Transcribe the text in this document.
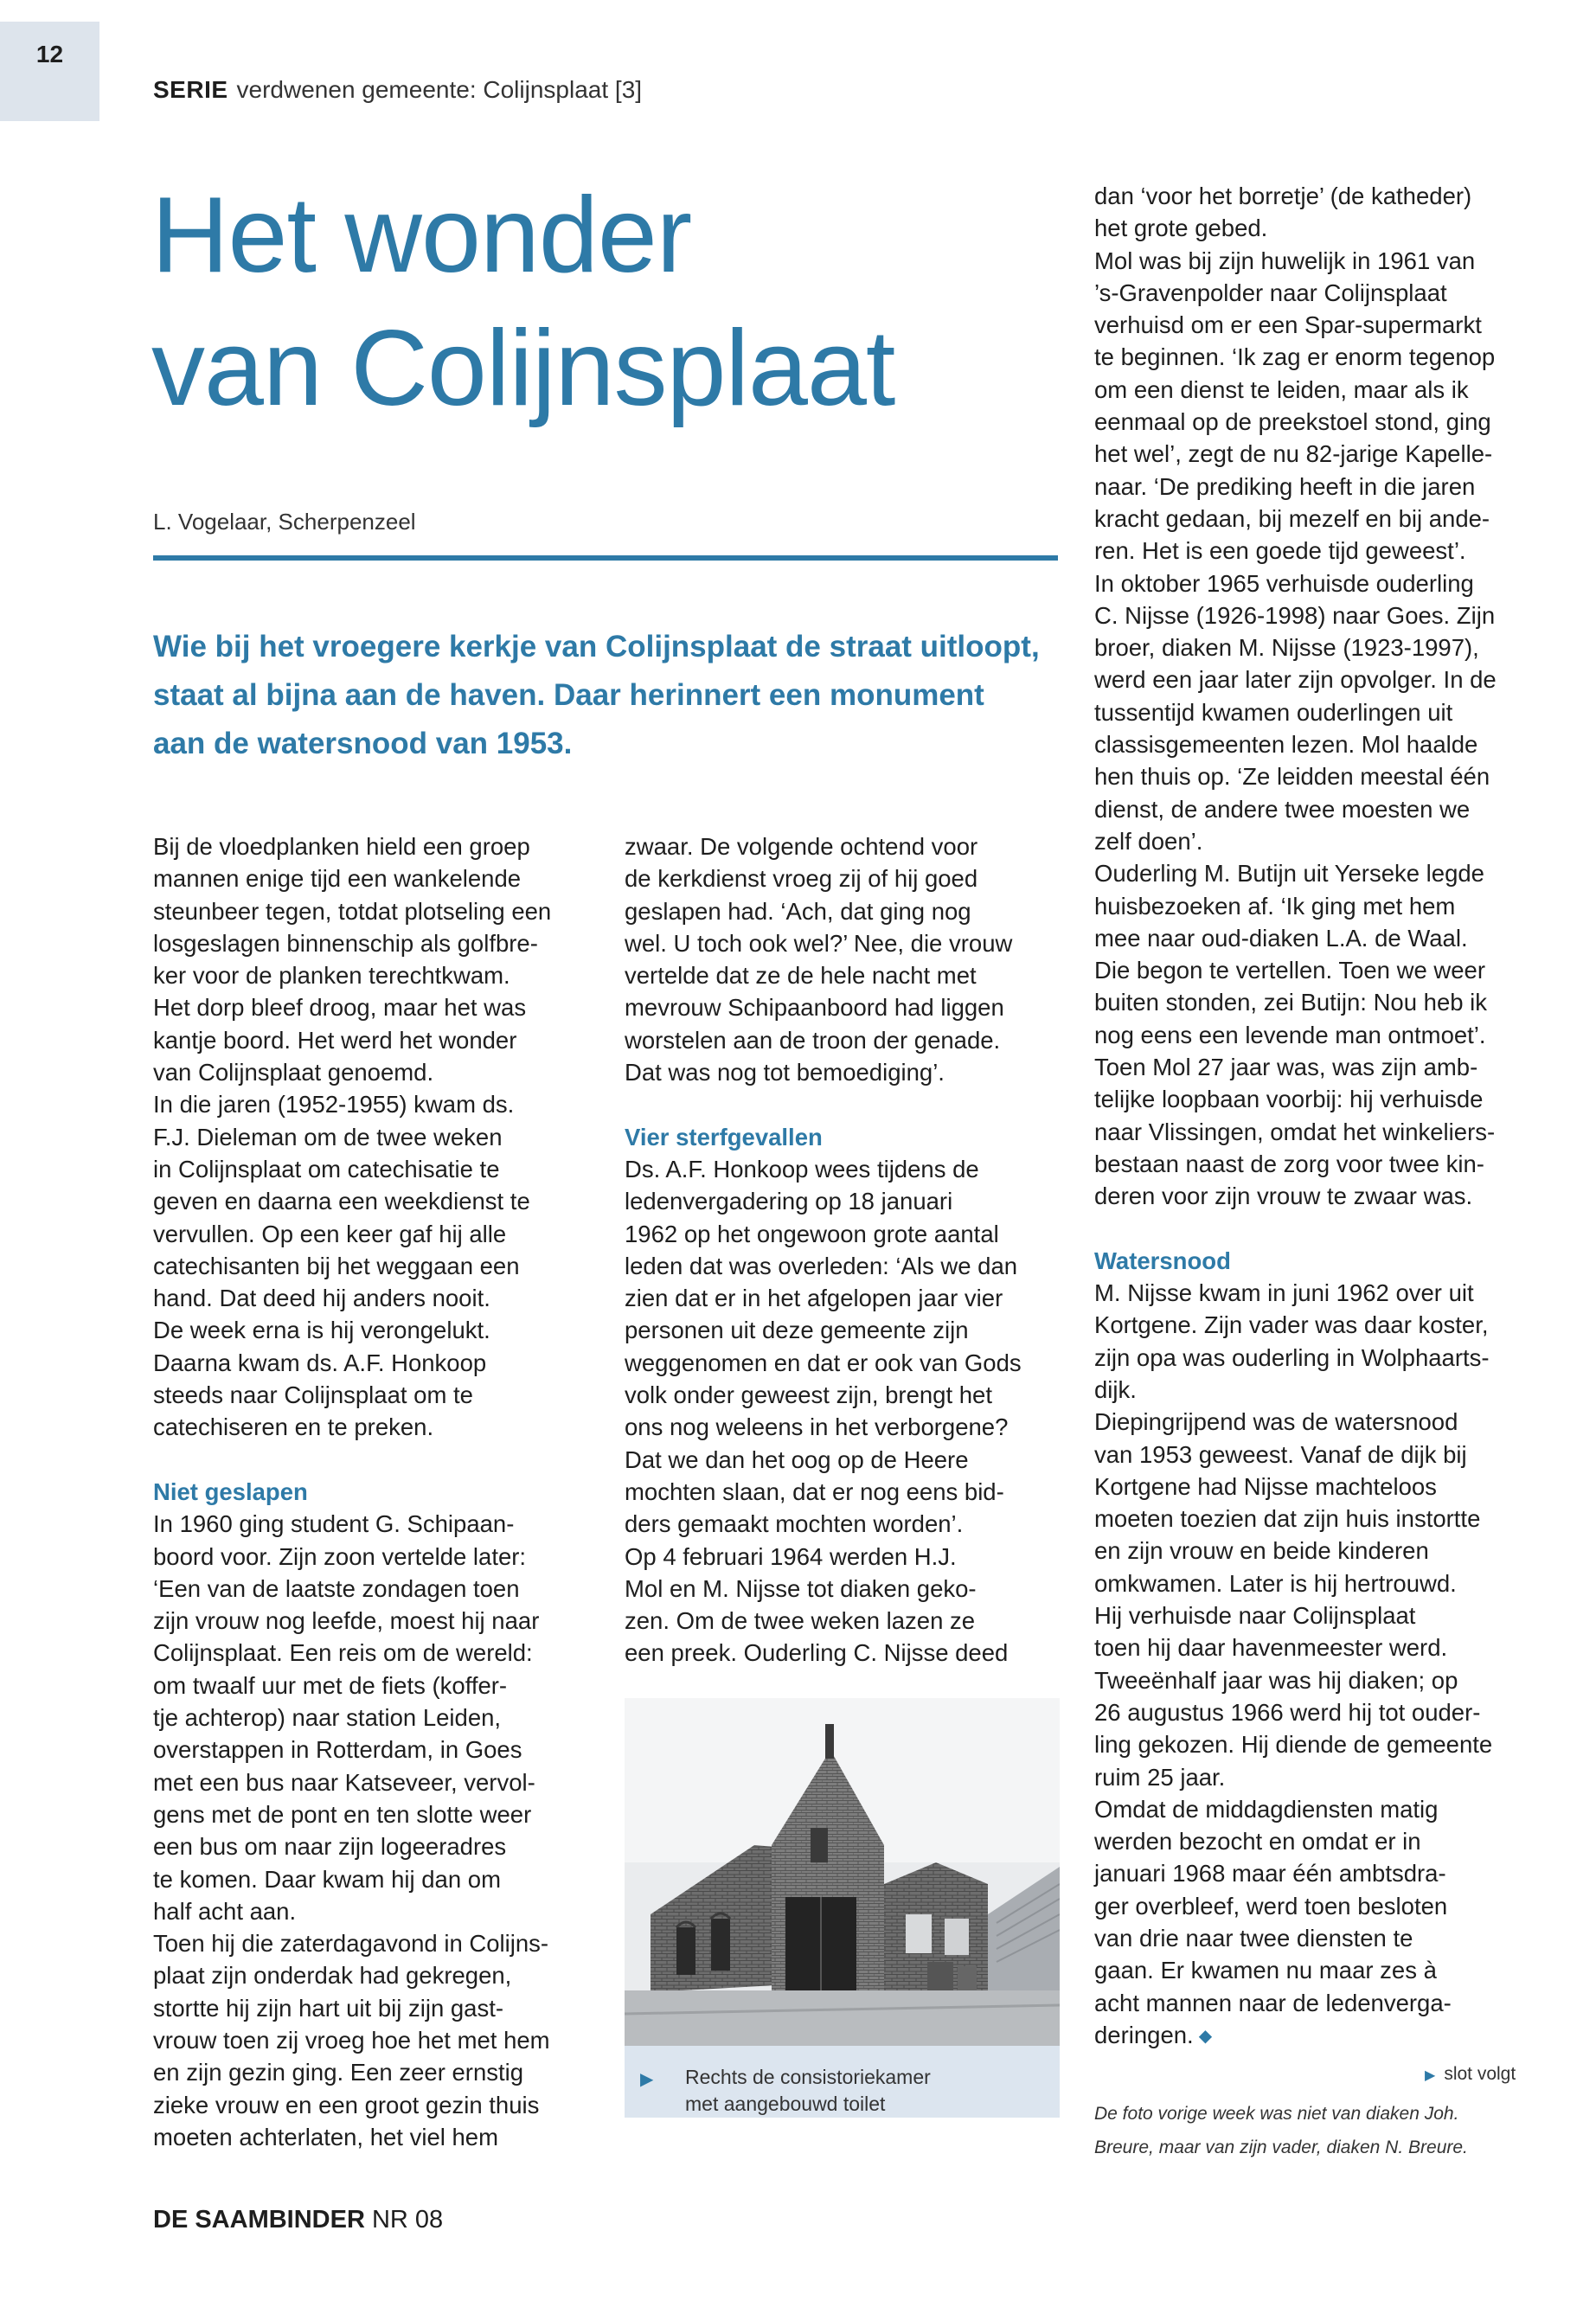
12
SERIE verdwenen gemeente: Colijnsplaat [3]
Het wonder
van Colijnsplaat
L. Vogelaar, Scherpenzeel
Wie bij het vroegere kerkje van Colijnsplaat de straat uitloopt,
staat al bijna aan de haven. Daar herinnert een monument
aan de watersnood van 1953.
Bij de vloedplanken hield een groep
mannen enige tijd een wankelende
steunbeer tegen, totdat plotseling een
losgeslagen binnenschip als golfbre-
ker voor de planken terechtkwam.
Het dorp bleef droog, maar het was
kantje boord. Het werd het wonder
van Colijnsplaat genoemd.
In die jaren (1952-1955) kwam ds.
F.J. Dieleman om de twee weken
in Colijnsplaat om catechisatie te
geven en daarna een weekdienst te
vervullen. Op een keer gaf hij alle
catechisanten bij het weggaan een
hand. Dat deed hij anders nooit.
De week erna is hij verongelukt.
Daarna kwam ds. A.F. Honkoop
steeds naar Colijnsplaat om te
catechiseren en te preken.
Niet geslapen
In 1960 ging student G. Schipaan-
boord voor. Zijn zoon vertelde later:
‘Een van de laatste zondagen toen
zijn vrouw nog leefde, moest hij naar
Colijnsplaat. Een reis om de wereld:
om twaalf uur met de fiets (koffer-
tje achterop) naar station Leiden,
overstappen in Rotterdam, in Goes
met een bus naar Katseveer, vervol-
gens met de pont en ten slotte weer
een bus om naar zijn logeeradres
te komen. Daar kwam hij dan om
half acht aan.
Toen hij die zaterdagavond in Colijns-
plaat zijn onderdak had gekregen,
stortte hij zijn hart uit bij zijn gast-
vrouw toen zij vroeg hoe het met hem
en zijn gezin ging. Een zeer ernstig
zieke vrouw en een groot gezin thuis
moeten achterlaten, het viel hem
zwaar. De volgende ochtend voor
de kerkdienst vroeg zij of hij goed
geslapen had. ‘Ach, dat ging nog
wel. U toch ook wel?’ Nee, die vrouw
vertelde dat ze de hele nacht met
mevrouw Schipaanboord had liggen
worstelen aan de troon der genade.
Dat was nog tot bemoediging’.
Vier sterfgevallen
Ds. A.F. Honkoop wees tijdens de
ledenvergadering op 18 januari
1962 op het ongewoon grote aantal
leden dat was overleden: ‘Als we dan
zien dat er in het afgelopen jaar vier
personen uit deze gemeente zijn
weggenomen en dat er ook van Gods
volk onder geweest zijn, brengt het
ons nog weleens in het verborgene?
Dat we dan het oog op de Heere
mochten slaan, dat er nog eens bid-
ders gemaakt mochten worden’.
Op 4 februari 1964 werden H.J.
Mol en M. Nijsse tot diaken geko-
zen. Om de twee weken lazen ze
een preek. Ouderling C. Nijsse deed
dan ‘voor het borretje’ (de katheder)
het grote gebed.
Mol was bij zijn huwelijk in 1961 van
’s-Gravenpolder naar Colijnsplaat
verhuisd om er een Spar-supermarkt
te beginnen. ‘Ik zag er enorm tegenop
om een dienst te leiden, maar als ik
eenmaal op de preekstoel stond, ging
het wel’, zegt de nu 82-jarige Kapelle-
naar. ‘De prediking heeft in die jaren
kracht gedaan, bij mezelf en bij ande-
ren. Het is een goede tijd geweest’.
In oktober 1965 verhuisde ouderling
C. Nijsse (1926-1998) naar Goes. Zijn
broer, diaken M. Nijsse (1923-1997),
werd een jaar later zijn opvolger. In de
tussentijd kwamen ouderlingen uit
classisgemeenten lezen. Mol haalde
hen thuis op. ‘Ze leidden meestal één
dienst, de andere twee moesten we
zelf doen’.
Ouderling M. Butijn uit Yerseke legde
huisbezoeken af. ‘Ik ging met hem
mee naar oud-diaken L.A. de Waal.
Die begon te vertellen. Toen we weer
buiten stonden, zei Butijn: Nou heb ik
nog eens een levende man ontmoet’.
Toen Mol 27 jaar was, was zijn amb-
telijke loopbaan voorbij: hij verhuisde
naar Vlissingen, omdat het winkeliers-
bestaan naast de zorg voor twee kin-
deren voor zijn vrouw te zwaar was.
Watersnood
M. Nijsse kwam in juni 1962 over uit
Kortgene. Zijn vader was daar koster,
zijn opa was ouderling in Wolphaarts-
dijk.
Diepingrijpend was de watersnood
van 1953 geweest. Vanaf de dijk bij
Kortgene had Nijsse machteloos
moeten toezien dat zijn huis instortte
en zijn vrouw en beide kinderen
omkwamen. Later is hij hertrouwd.
Hij verhuisde naar Colijnsplaat
toen hij daar havenmeester werd.
Tweeënhalf jaar was hij diaken; op
26 augustus 1966 werd hij tot ouder-
ling gekozen. Hij diende de gemeente
ruim 25 jaar.
Omdat de middagdiensten matig
werden bezocht en omdat er in
januari 1968 maar één ambtsdra-
ger overbleef, werd toen besloten
van drie naar twee diensten te
gaan. Er kwamen nu maar zes à
acht mannen naar de ledenverga-
deringen. ◆
▶ Rechts de consistoriekamer
met aangebouwd toilet
▶ slot volgt
De foto vorige week was niet van diaken Joh.
Breure, maar van zijn vader, diaken N. Breure.
DE SAAMBINDER NR 08
